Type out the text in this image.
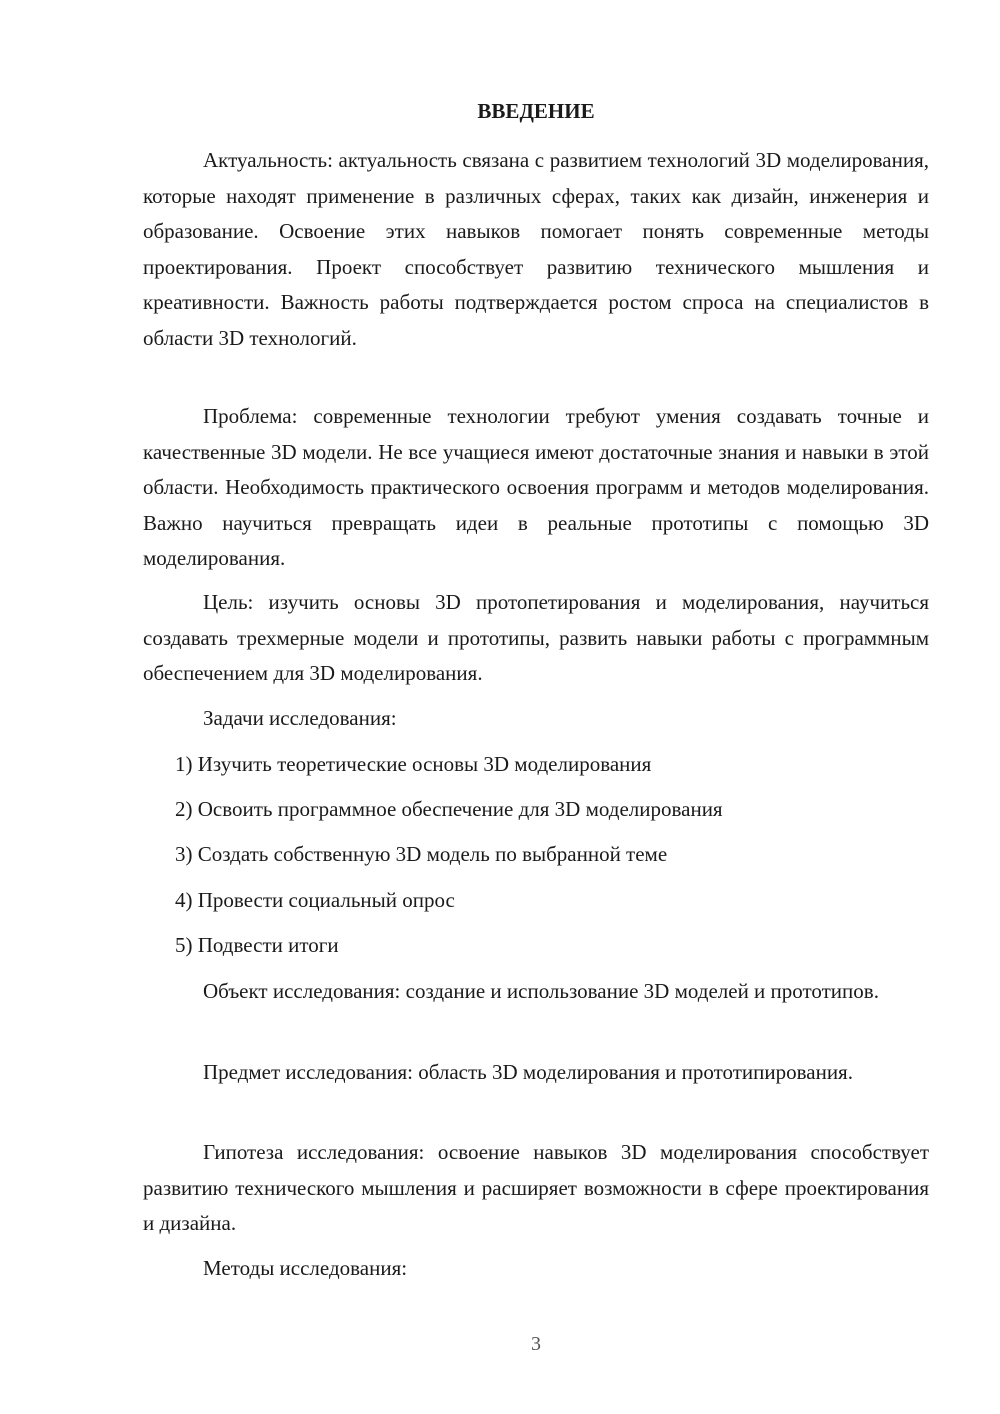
ВВЕДЕНИЕ

Актуальность: актуальность связана с развитием технологий 3D моделирования, которые находят применение в различных сферах, таких как дизайн, инженерия и образование. Освоение этих навыков помогает понять современные методы проектирования. Проект способствует развитию технического мышления и креативности. Важность работы подтверждается ростом спроса на специалистов в области 3D технологий.

Проблема: современные технологии требуют умения создавать точные и качественные 3D модели. Не все учащиеся имеют достаточные знания и навыки в этой области. Необходимость практического освоения программ и методов моделирования. Важно научиться превращать идеи в реальные прототипы с помощью 3D моделирования.

Цель: изучить основы 3D протопетирования и моделирования, научиться создавать трехмерные модели и прототипы, развить навыки работы с программным обеспечением для 3D моделирования.

Задачи исследования:

1) Изучить теоретические основы 3D моделирования

2) Освоить программное обеспечение для 3D моделирования

3) Создать собственную 3D модель по выбранной теме

4) Провести социальный опрос

5) Подвести итоги

Объект исследования: создание и использование 3D моделей и прототипов.

Предмет исследования: область 3D моделирования и прототипирования.

Гипотеза исследования: освоение навыков 3D моделирования способствует развитию технического мышления и расширяет возможности в сфере проектирования и дизайна.

Методы исследования:

3
